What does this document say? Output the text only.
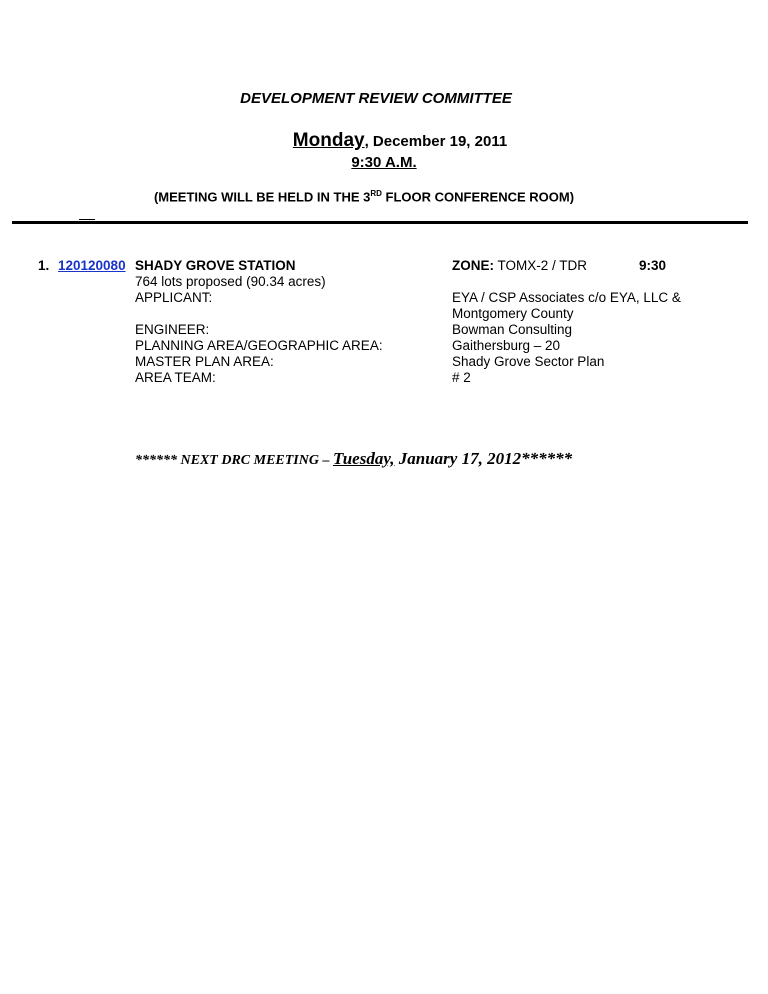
DEVELOPMENT REVIEW COMMITTEE
Monday, December 19, 2011
9:30 A.M.
(MEETING WILL BE HELD IN THE 3RD FLOOR CONFERENCE ROOM)
1. 120120080 SHADY GROVE STATION
764 lots proposed (90.34 acres)
APPLICANT:

ENGINEER:
PLANNING AREA/GEOGRAPHIC AREA:
MASTER PLAN AREA:
AREA TEAM:
ZONE: TOMX-2 / TDR

EYA / CSP Associates c/o EYA, LLC &
Montgomery County
Bowman Consulting
Gaithersburg – 20
Shady Grove Sector Plan
# 2
9:30
****** NEXT DRC MEETING – Tuesday, January 17, 2012******
